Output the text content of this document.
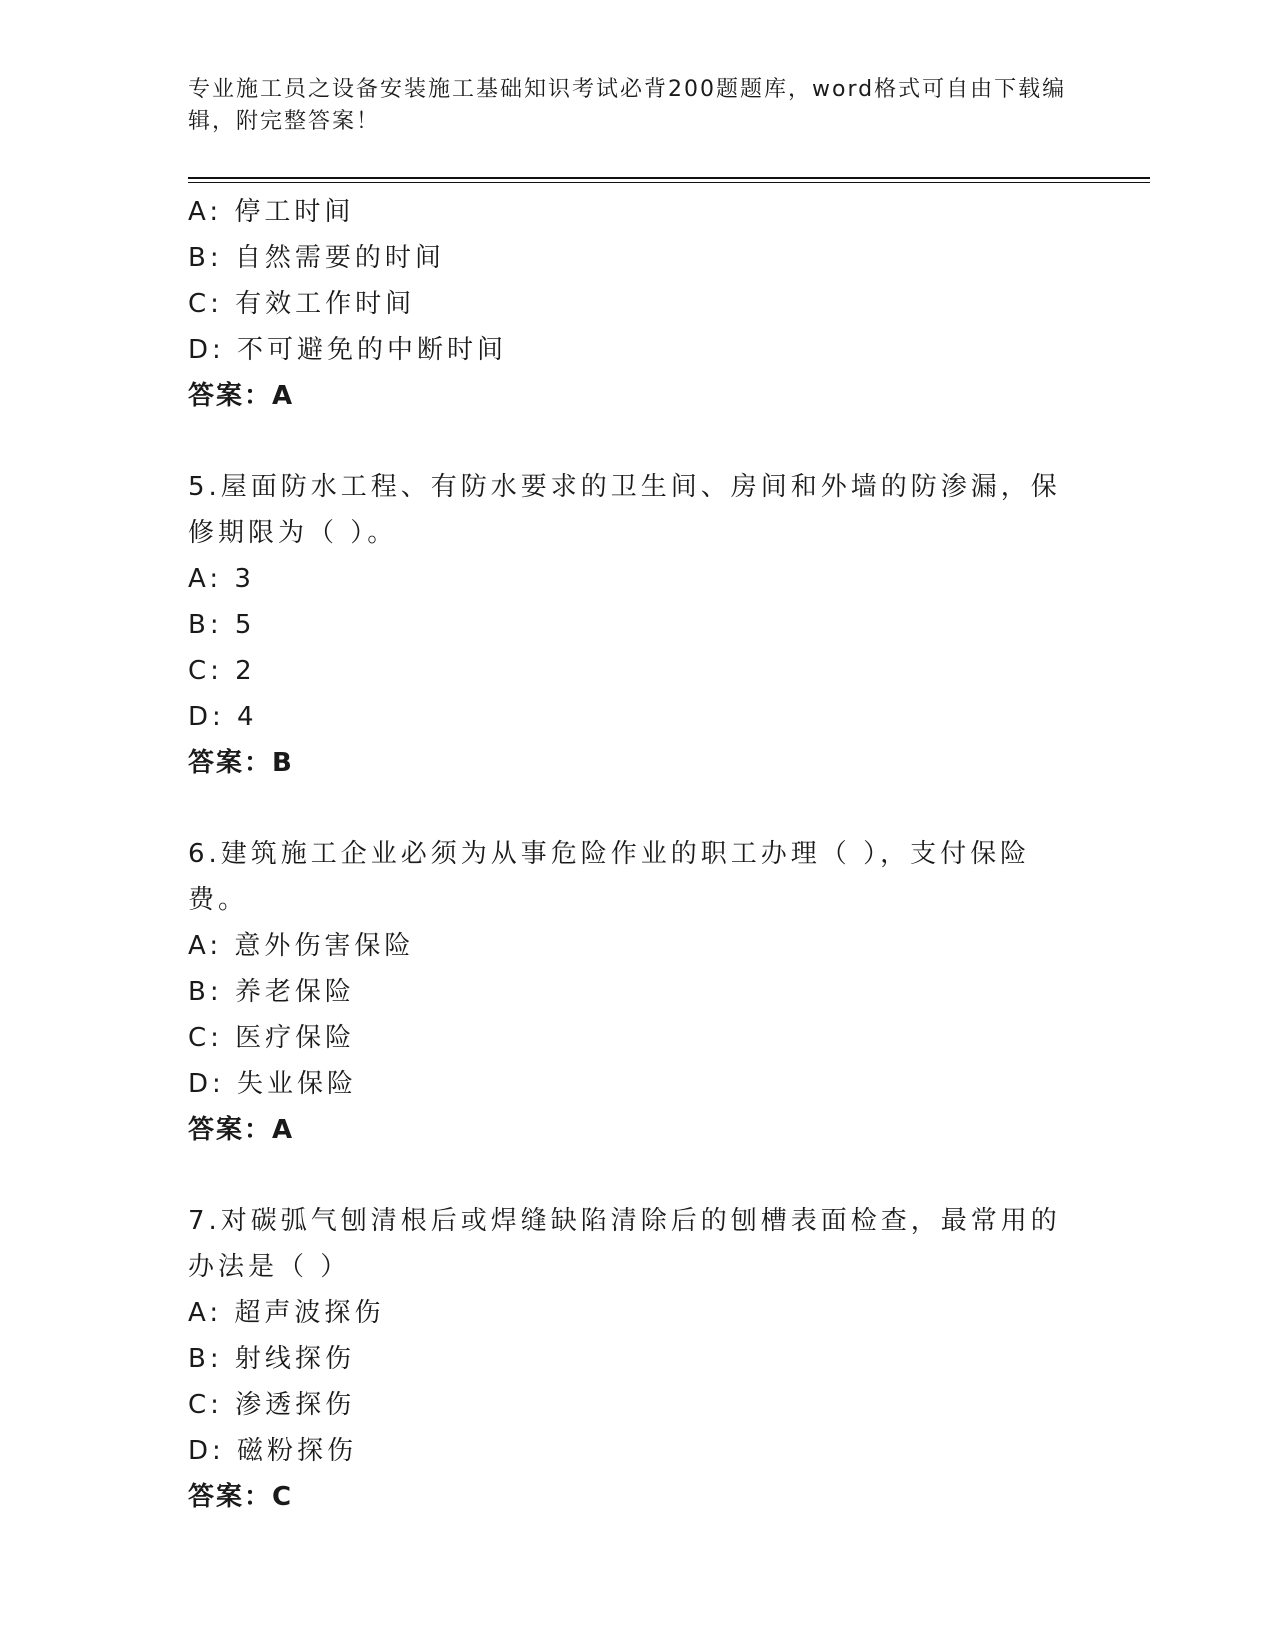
专业施工员之设备安装施工基础知识考试必背200题题库，word格式可自由下载编辑，附完整答案！
A: 停工时间
B: 自然需要的时间
C: 有效工作时间
D: 不可避免的中断时间
答案：A
5.屋面防水工程、有防水要求的卫生间、房间和外墙的防渗漏，保修期限为（ ）。
A: 3
B: 5
C: 2
D: 4
答案：B
6.建筑施工企业必须为从事危险作业的职工办理（ ），支付保险费。
A: 意外伤害保险
B: 养老保险
C: 医疗保险
D: 失业保险
答案：A
7.对碳弧气刨清根后或焊缝缺陷清除后的刨槽表面检查，最常用的办法是（ ）
A: 超声波探伤
B: 射线探伤
C: 渗透探伤
D: 磁粉探伤
答案：C
